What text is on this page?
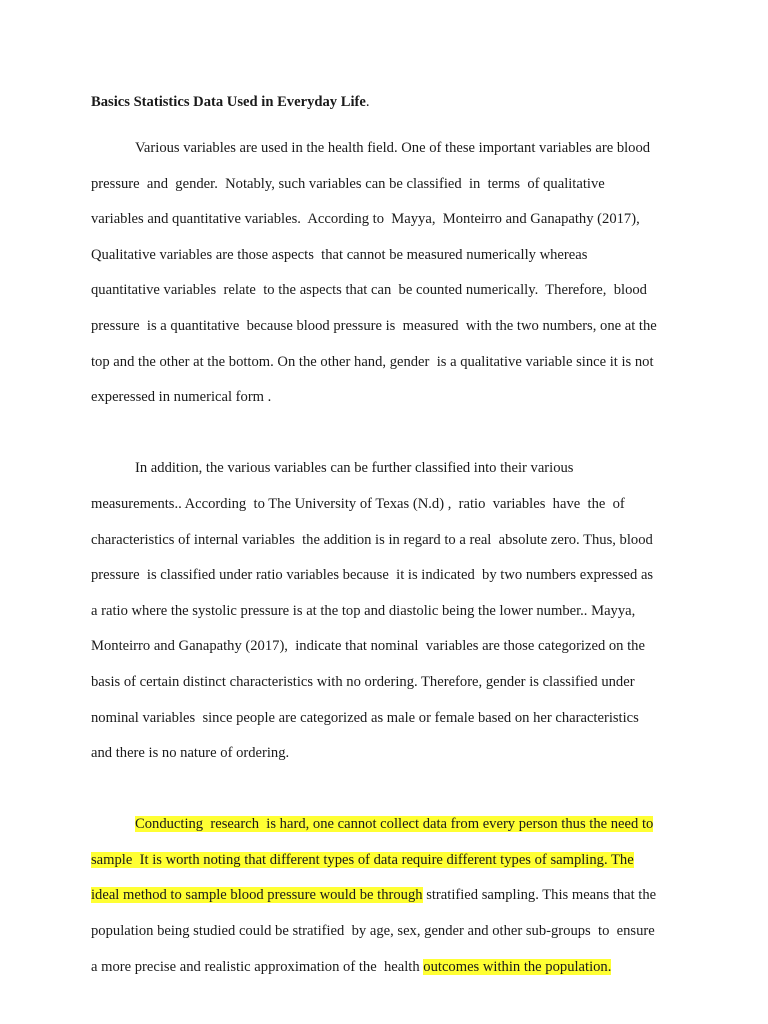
Basics Statistics Data Used in Everyday Life.
Various variables are used in the health field. One of these important variables are blood
pressure  and  gender.  Notably, such variables can be classified  in  terms  of qualitative
variables and quantitative variables.  According to  Mayya,  Monteirro and Ganapathy (2017),
Qualitative variables are those aspects  that cannot be measured numerically whereas
quantitative variables  relate  to the aspects that can  be counted numerically.  Therefore,  blood
pressure  is a quantitative  because blood pressure is  measured  with the two numbers, one at the
top and the other at the bottom. On the other hand, gender  is a qualitative variable since it is not
experessed in numerical form .
In addition, the various variables can be further classified into their various
measurements.. According  to The University of Texas (N.d) ,  ratio  variables  have  the  of
characteristics of internal variables  the addition is in regard to a real  absolute zero. Thus, blood
pressure  is classified under ratio variables because  it is indicated  by two numbers expressed as
a ratio where the systolic pressure is at the top and diastolic being the lower number.. Mayya,
Monteirro and Ganapathy (2017),  indicate that nominal  variables are those categorized on the
basis of certain distinct characteristics with no ordering. Therefore, gender is classified under
nominal variables  since people are categorized as male or female based on her characteristics
and there is no nature of ordering.
Conducting  research  is hard, one cannot collect data from every person thus the need to
sample  It is worth noting that different types of data require different types of sampling. The
ideal method to sample blood pressure would be through stratified sampling. This means that the
population being studied could be stratified  by age, sex, gender and other sub-groups  to  ensure
a more precise and realistic approximation of the  health outcomes within the population.
